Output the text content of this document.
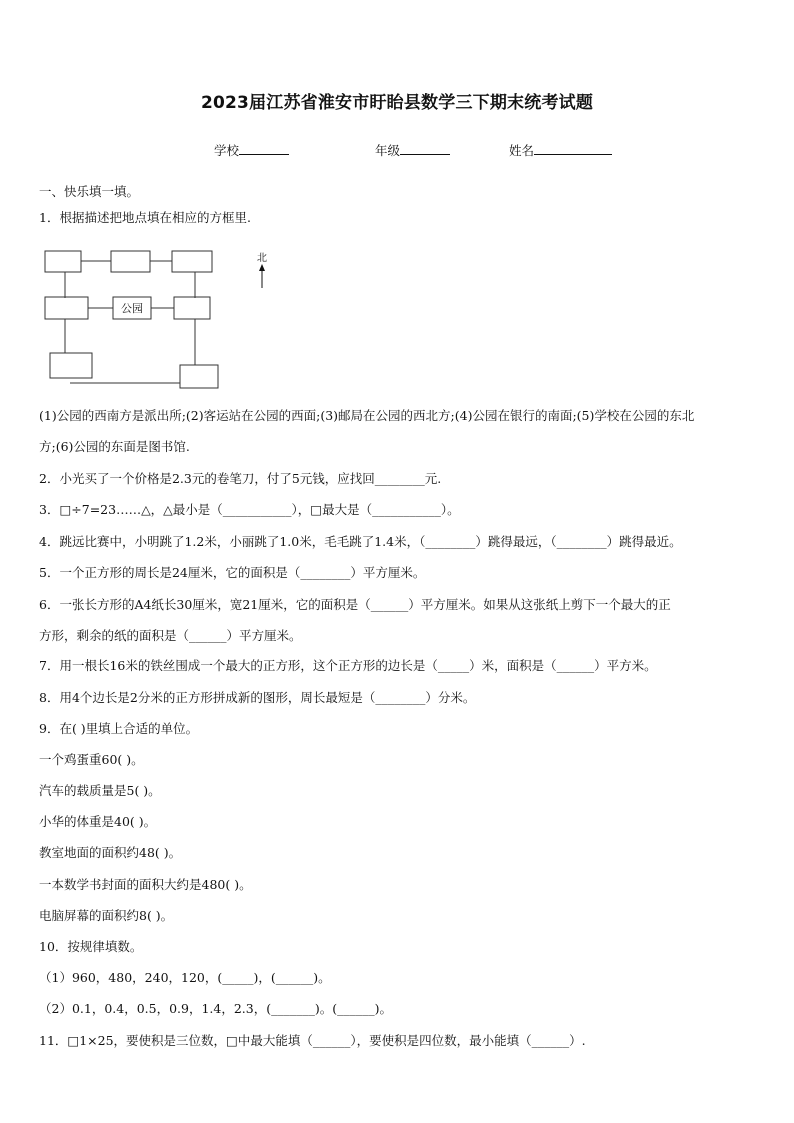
2023届江苏省淮安市盱眙县数学三下期末统考试题
学校	年级	姓名
一、快乐填一填。
1．根据描述把地点填在相应的方框里.
公园
北
(1)公园的西南方是派出所;(2)客运站在公园的西面;(3)邮局在公园的西北方;(4)公园在银行的南面;(5)学校在公园的东北
方;(6)公园的东面是图书馆.
2．小光买了一个价格是2.3元的卷笔刀，付了5元钱，应找回________元.
3．□÷7=23……△，△最小是（___________），□最大是（___________）。
4．跳远比赛中，小明跳了1.2米，小丽跳了1.0米，毛毛跳了1.4米，（________）跳得最远，（________）跳得最近。
5．一个正方形的周长是24厘米，它的面积是（________）平方厘米。
6．一张长方形的A4纸长30厘米，宽21厘米，它的面积是（______）平方厘米。如果从这张纸上剪下一个最大的正
方形，剩余的纸的面积是（______）平方厘米。
7．用一根长16米的铁丝围成一个最大的正方形，这个正方形的边长是（_____）米，面积是（______）平方米。
8．用4个边长是2分米的正方形拼成新的图形，周长最短是（________）分米。
9．在( )里填上合适的单位。
一个鸡蛋重60( )。
汽车的载质量是5( )。
小华的体重是40( )。
教室地面的面积约48( )。
一本数学书封面的面积大约是480( )。
电脑屏幕的面积约8( )。
10．按规律填数。
（1）960，480，240，120，(_____)，(______)。
（2）0.1，0.4，0.5，0.9，1.4，2.3，(_______)。(______)。
11．□1×25，要使积是三位数，□中最大能填（______），要使积是四位数，最小能填（______）.
